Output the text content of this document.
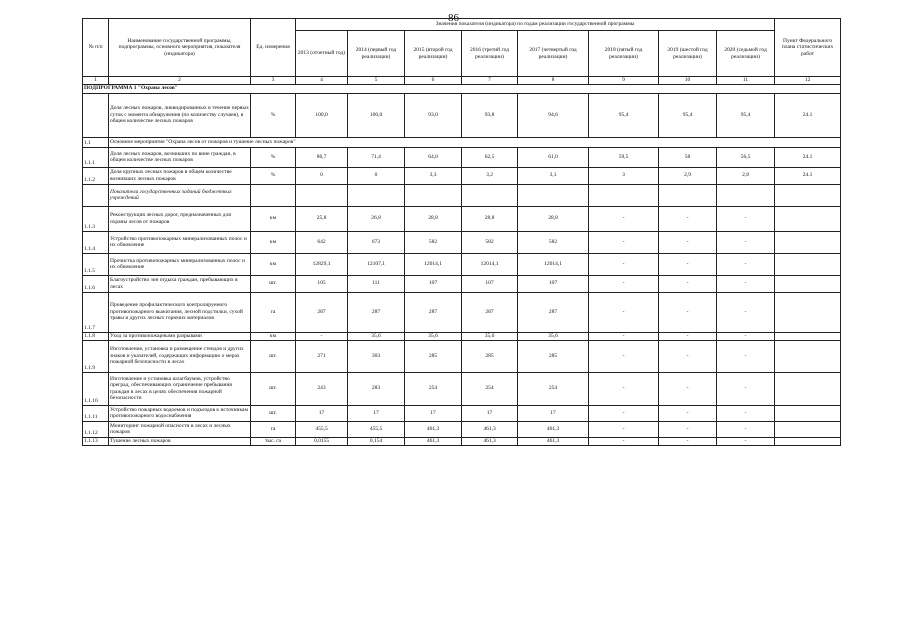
86
№ п/п	Наименование государственной программы, подпрограммы, основного мероприятия, показателя (индикатора)	Ед. измерения	Значения показателя (индикатора) по годам реализации государственной программы								Пункт Федерального плана статистических работ
			2013 (отчетный год)	2014 (первый год реализации)	2015 (второй год реализации)	2016 (третий год реализации)	2017 (четвертый год реализации)	2018 (пятый год реализации)	2019 (шестой год реализации)	2020 (седьмой год реализации)	
1	2	3	4	5	6	7	8	9	10	11	12
ПОДПРОГРАММА 1 "Охрана лесов"											
	Доля лесных пожаров, ликвидированных в течение первых суток с момента обнаружения (по количеству случаев), в общем количестве лесных пожаров	%	100,0	100,0	93,0	93,8	94,6	95,4	95,4	95,4	24.1
1.1	Основное мероприятие "Охрана лесов от пожаров и тушение лесных пожаров"										
1.1.1	Доля лесных пожаров, возникших по вине граждан, в общем количестве лесных пожаров	%	86,7	71,4	64,0	62,5	61,0	59,5	58	56,5	24.1
1.1.2	Доля крупных лесных пожаров в общем количестве возникших лесных пожаров	%	0	0	3,3	3,2	3,1	3	2,9	2,8	24.1
	Показатели государственных заданий бюджетных учреждений										
1.1.3	Реконструкция лесных дорог, предназначенных для охраны лесов от пожаров	км	25,8	26,8	28,8	28,8	28,8	-	-	-	
1.1.4	Устройство противопожарных минерализованных полос и их обновление	км	642	673	582	582	582	-	-	-	
1.1.5	Прочистка противопожарных минерализованных полос и их обновление	км	12829,1	12107,1	12014,1	12014,1	12014,1	-	-	-	
1.1.6	Благоустройство зон отдыха граждан, пребывающих в лесах	шт.	105	111	107	107	107	-	-	-	
1.1.7	Проведение профилактического контролируемого противопожарного выжигания, лесной подстилки, сухой травы и других лесных горючих материалов	га	287	287	287	287	287	-	-	-	
1.1.8	Уход за противопожарными разрывами	км	-	35,6	35,6	35,6	35,6	-	-	-	
1.1.9	Изготовление, установка и размещение стендов и других знаков и указателей, содержащих информацию о мерах пожарной безопасности в лесах	шт.	271	303	285	285	285	-	-	-	
1.1.10	Изготовление и установка шлагбаумов, устройство преград, обеспечивающих ограничение пребывания граждан в лесах в целях обеспечения пожарной безопасности	шт.	243	283	254	254	254	-	-	-	
1.1.11	Устройство пожарных водоемов и подъездов к источникам противопожарного водоснабжения	шт.	17	17	17	17	17	-	-	-	
1.1.12	Мониторинг пожарной опасности в лесах и лесных пожаров	га	455,5	455,5	461,3	461,3	461,3	-	-	-	
1.1.13	Тушение лесных пожаров	тыс. га	0,0155	0,154	461,3	461,3	461,3	-	-	-	
